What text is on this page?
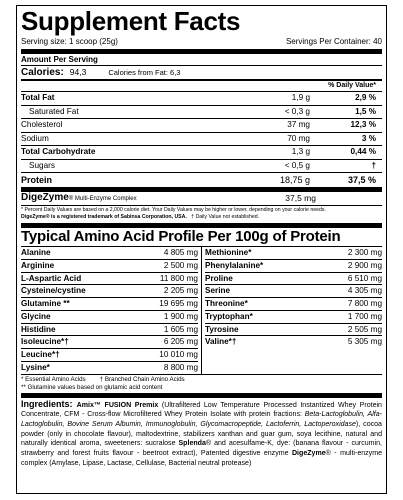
Supplement Facts
Serving size: 1 scoop (25g)	Servings Per Container: 40
Amount Per Serving
Calories: 94,3	Calories from Fat: 6,3
% Daily Value*
Total Fat	1,9 g	2,9 %
Saturated Fat	< 0,3 g	1,5 %
Cholesterol	37 mg	12,3 %
Sodium	70 mg	3 %
Total Carbohydrate	1,3 g	0,44 %
Sugars	< 0,5 g	†
Protein	18,75 g	37,5 %
DigeZyme® Multi-Enzyme Complex	37,5 mg
* Percent Daily Values are based on a 2,000 calorie diet. Your Daily Values may be higher or lower, depending on your calorie needs.
DigeZyme® is a registered trademark of Sabinsa Corporation, USA.   † Daily Value not established.
Typical Amino Acid Profile Per 100g of Protein
Alanine	4 805 mg
Arginine	2 500 mg
L-Aspartic Acid	11 800 mg
Cysteine/cystine	2 205 mg
Glutamine **	19 695 mg
Glycine	1 900 mg
Histidine	1 605 mg
Isoleucine*†	6 205 mg
Leucine*†	10 010 mg
Lysine*	8 800 mg
Methionine*	2 300 mg
Phenylalanine*	2 900 mg
Proline	6 510 mg
Serine	4 305 mg
Threonine*	7 800 mg
Tryptophan*	1 700 mg
Tyrosine	2 505 mg
Valine*†	5 305 mg
* Essential Amino Acids † Branched Chain Amino Acids
** Glutamine values based on glutamic acid content
Ingredients: Amix™ FUSION Premix (Ultrafiltered Low Temperature Processed Instantized Whey Protein Concentrate, CFM - Cross-flow Microfiltered Whey Protein Isolate with protein fractions: Beta-Lactoglobulin, Alfa-Lactoglobulin, Bovine Serum Albumin, Immunoglobulin, Glycomacropeptide, Lactoferrin, Lactoperoxidase), cocoa powder (only in chocolate flavour), maltodextrine, stabilizers xanthan and guar gum, soya lecithine, natural and naturally identical aroma, sweeteners: sucralose Splenda® and acesulfame-K, dye: (banana flavour - curcumin, strawberry and forest fruits flavour - beetroot extract), Patented digestive enzyme DigeZyme® - multi-enzyme complex (Amylase, Lipase, Lactase, Cellulase, Bacterial neutral protease)
